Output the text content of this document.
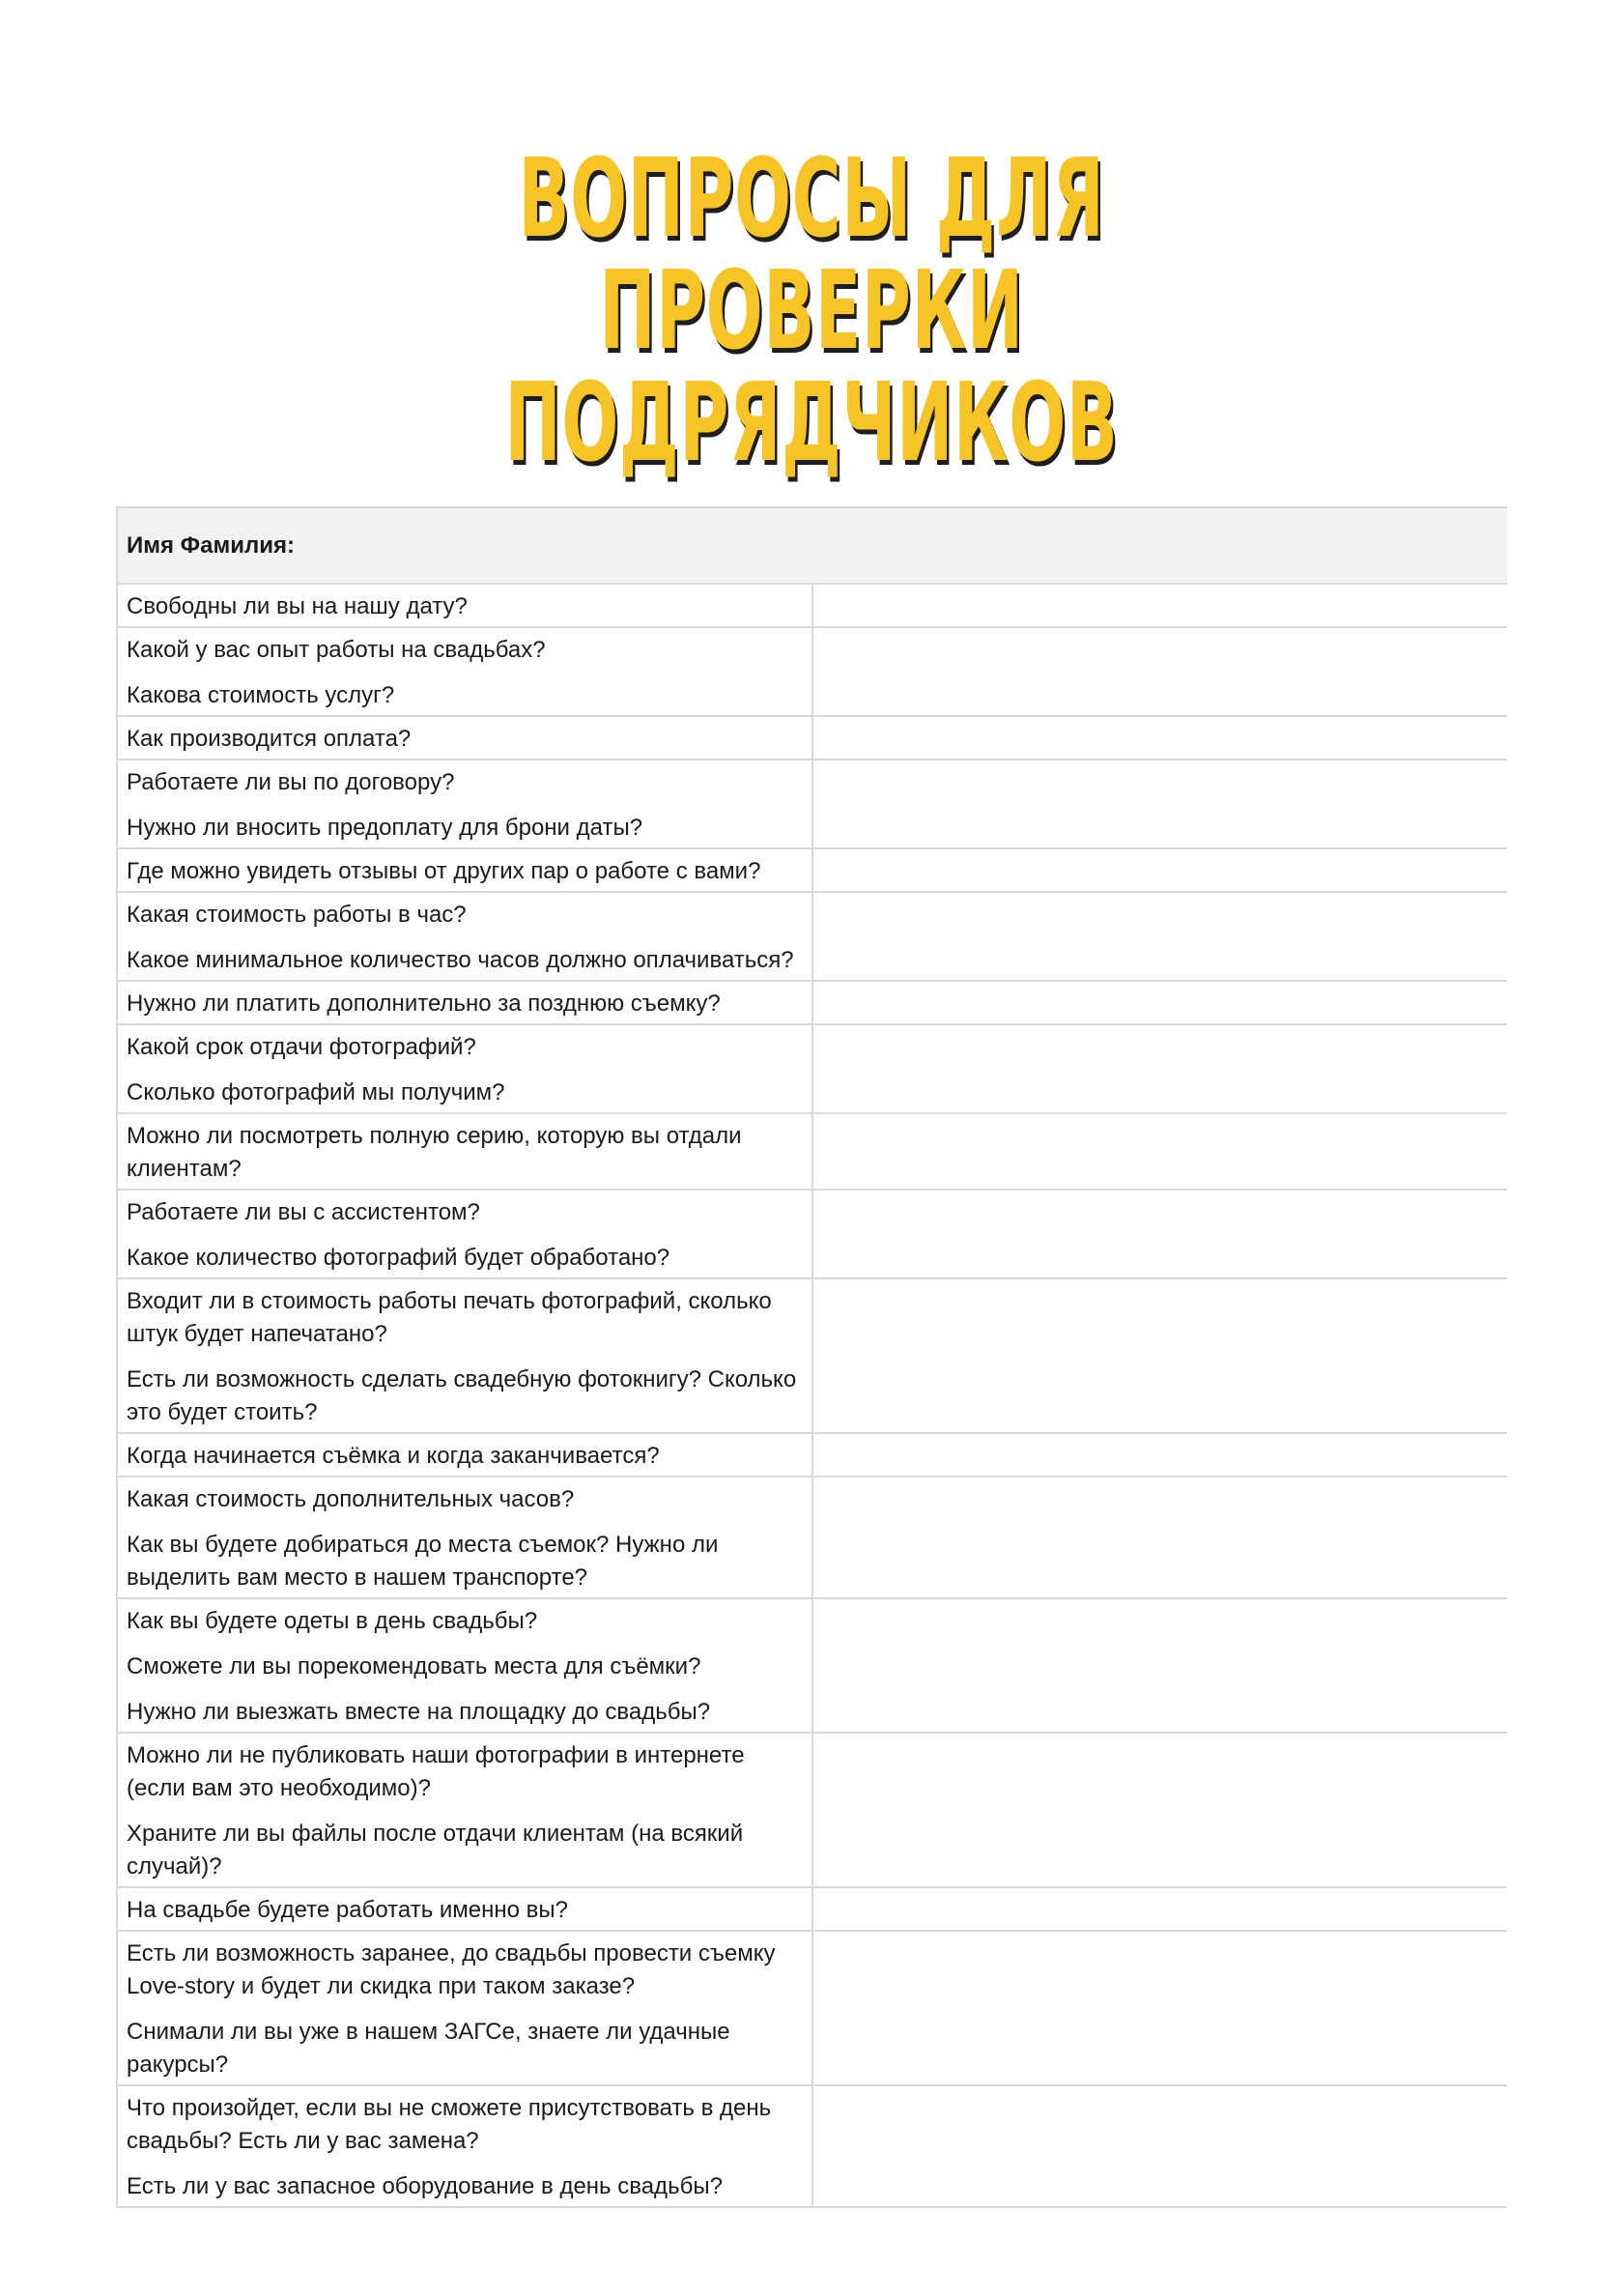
ВОПРОСЫ ДЛЯ ПРОВЕРКИ
ПОДРЯДЧИКОВ
Имя Фамилия:	

Свободны ли вы на нашу дату?	

Какой у вас опыт работы на свадьбах?
Какова стоимость услуг?	

Как производится оплата?	

Работаете ли вы по договору?
Нужно ли вносить предоплату для брони даты?	

Где можно увидеть отзывы от других пар о работе с вами?	

Какая стоимость работы в час?
Какое минимальное количество часов должно оплачиваться?	

Нужно ли платить дополнительно за позднюю съемку?	

Какой срок отдачи фотографий?
Сколько фотографий мы получим?	

Можно ли посмотреть полную серию, которую вы отдали клиентам?	

Работаете ли вы с ассистентом?
Какое количество фотографий будет обработано?	

Входит ли в стоимость работы печать фотографий, сколько штук будет напечатано?
Есть ли возможность сделать свадебную фотокнигу? Сколько это будет стоить?	

Когда начинается съёмка и когда заканчивается?	

Какая стоимость дополнительных часов?
Как вы будете добираться до места съемок? Нужно ли выделить вам место в нашем транспорте?	

Как вы будете одеты в день свадьбы?
Сможете ли вы порекомендовать места для съёмки?
Нужно ли выезжать вместе на площадку до свадьбы?	

Можно ли не публиковать наши фотографии в интернете (если вам это необходимо)?
Храните ли вы файлы после отдачи клиентам (на всякий случай)?	

На свадьбе будете работать именно вы?	

Есть ли возможность заранее, до свадьбы провести съемку Love-story и будет ли скидка при таком заказе?
Снимали ли вы уже в нашем ЗАГСе, знаете ли удачные ракурсы?	

Что произойдет, если вы не сможете присутствовать в день свадьбы? Есть ли у вас замена?
Есть ли у вас запасное оборудование в день свадьбы?	
